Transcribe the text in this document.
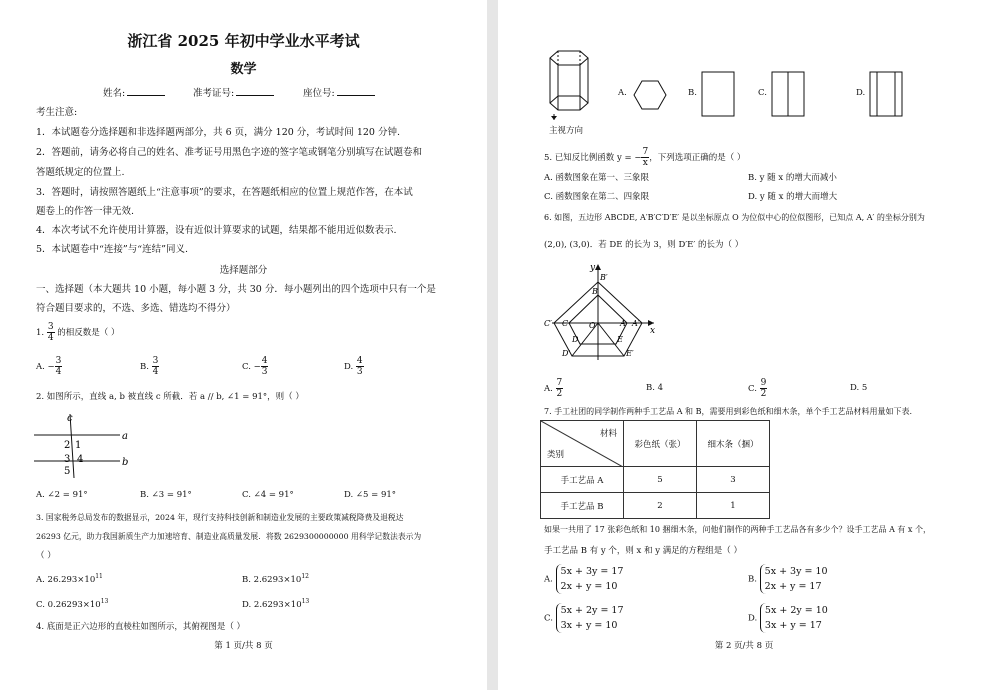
浙江省 2025 年初中学业水平考试
数学
姓名:	准考证号:	座位号:
考生注意:
1．本试题卷分选择题和非选择题两部分，共 6 页，满分 120 分，考试时间 120 分钟.
2．答题前，请务必将自己的姓名、准考证号用黑色字迹的签字笔或钢笔分别填写在试题卷和
答题纸规定的位置上.
3．答题时，请按照答题纸上“注意事项”的要求，在答题纸相应的位置上规范作答，在本试
题卷上的作答一律无效.
4．本次考试不允许使用计算器，设有近似计算要求的试题，结果都不能用近似数表示.
5．本试题卷中“连接”与“连结”同义.
选择题部分
一、选择题（本大题共 10 小题，每小题 3 分，共 30 分．每小题列出的四个选项中只有一个是
符合题目要求的，不选、多选、错选均不得分）
1. $\frac{3}{4}$ 的相反数是（ ）
A. − $\frac{3}{4}$	B. $\frac{3}{4}$	C. − $\frac{4}{3}$	D. $\frac{4}{3}$
2. 如图所示，直线 a, b 被直线 c 所截．若 a // b, ∠1 = 91°，则（ ）
c
a
b
1
2
3 4
5
A. ∠2 = 91°	B. ∠3 = 91°	C. ∠4 = 91°	D. ∠5 = 91°
3. 国家税务总局发布的数据显示，2024 年，现行支持科技创新和制造业发展的主要政策减税降费及退税达
26293 亿元，助力我国新质生产力加速培育、制造业高质量发展．将数 2629300000000 用科学记数法表示为
（ ）
A. $26.293\times 10^{11}$	B. $2.6293\times 10^{12}$
C. $0.26293\times 10^{13}$	D. $2.6293\times 10^{13}$
4. 底面是正六边形的直棱柱如图所示，其俯视图是（ ）
第 1 页/共 8 页
主视方向
A.	B.	C.	D.
5. 已知反比例函数 y = − $\frac{7}{x}$ ，下列选项正确的是（ ）
A. 函数图象在第一、三象限	B. y 随 x 的增大而减小
C. 函数图象在第二、四象限	D. y 随 x 的增大而增大
6. 如图，五边形 ABCDE, A′B′C′D′E′ 是以坐标原点 O 为位似中心的位似图形，已知点 A, A′ 的坐标分别为
(2,0), (3,0)．若 DE 的长为 3，则 D′E′ 的长为（ ）
y
x
B′
B
C′ C	O	A A′
D	E
D′	E′
A. $\frac{7}{2}$	B. 4	C. $\frac{9}{2}$	D. 5
7. 手工社团的同学制作两种手工艺品 A 和 B，需要用到彩色纸和细木条，单个手工艺品材料用量如下表.
材料
类别	彩色纸（张）	细木条（捆）
手工艺品 A	5	3
手工艺品 B	2	1
如果一共用了 17 张彩色纸和 10 捆细木条，问他们制作的两种手工艺品各有多少个？设手工艺品 A 有 x 个，
手工艺品 B 有 y 个，则 x 和 y 满足的方程组是（ ）
A.
5x + 3y = 17
2x + y = 10
B.
5x + 3y = 10
2x + y = 17
C.
5x + 2y = 17
3x + y = 10
D.
5x + 2y = 10
3x + y = 17
第 2 页/共 8 页
